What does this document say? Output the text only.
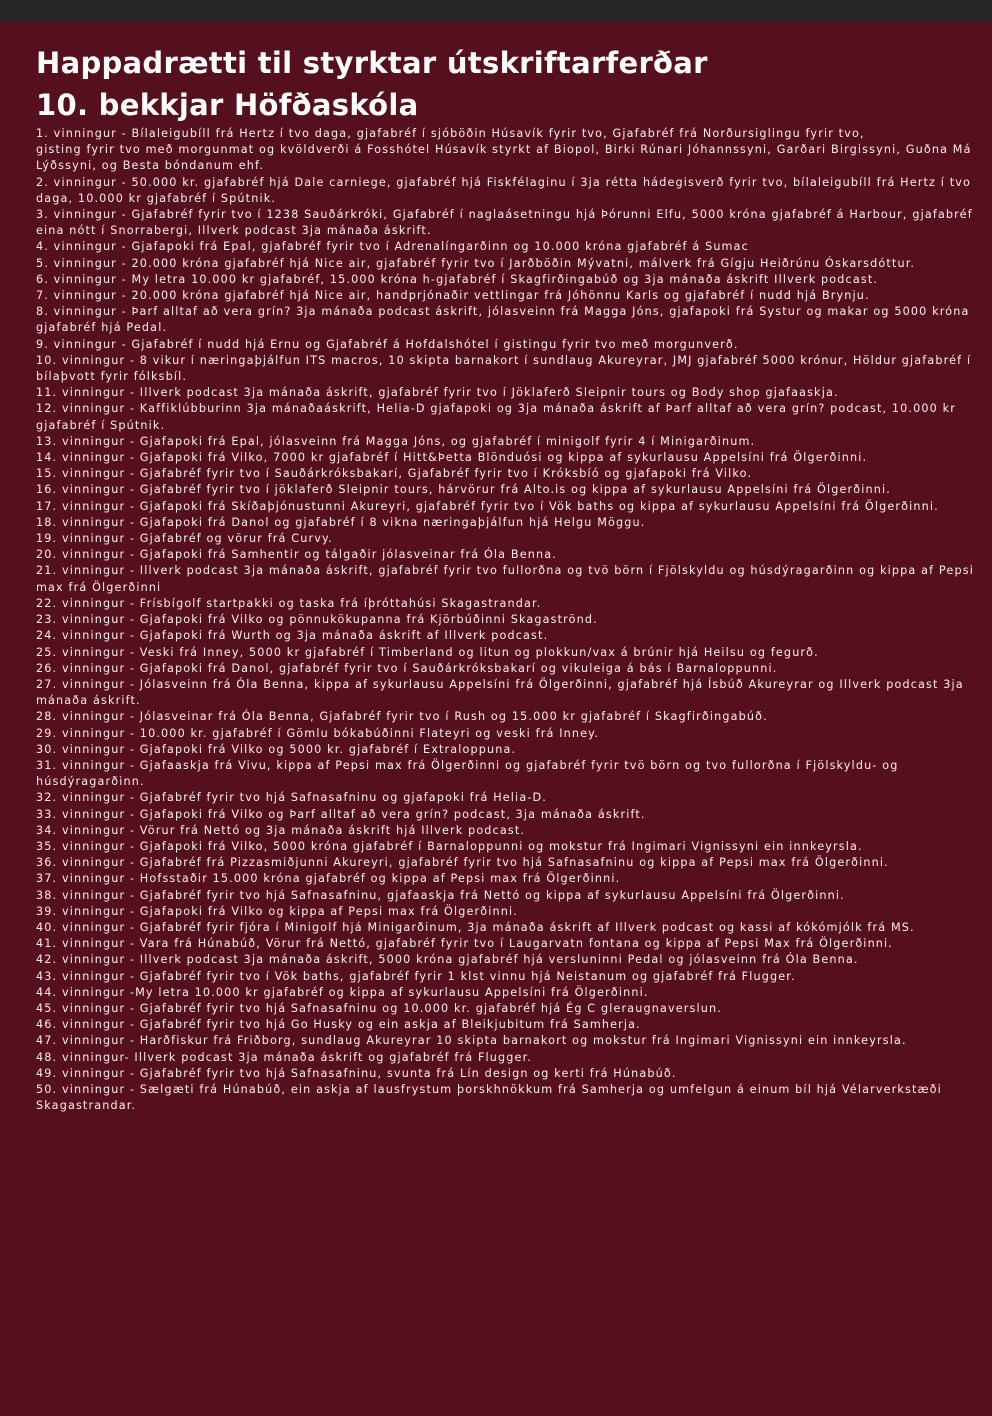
Happadrætti til styrktar útskriftarferðar
10. bekkjar Höfðaskóla
1. vinningur - Bílaleigubíll frá Hertz í tvo daga, gjafabréf í sjóböðin Húsavík fyrir tvo, Gjafabréf frá Norðursiglingu fyrir tvo,
gisting fyrir tvo með morgunmat og kvöldverði á Fosshótel Húsavík styrkt af Biopol, Birki Rúnari Jóhannssyni, Garðari Birgissyni, Guðna Má Lýðssyni, og Besta bóndanum ehf.
2. vinningur - 50.000 kr. gjafabréf hjá Dale carniege, gjafabréf hjá Fiskfélaginu í 3ja rétta hádegisverð fyrir tvo, bílaleigubíll frá Hertz í tvo daga, 10.000 kr gjafabréf í Spútnik.
3. vinningur - Gjafabréf fyrir tvo í 1238 Sauðárkróki, Gjafabréf í naglaásetningu hjá Þórunni Elfu, 5000 króna gjafabréf á Harbour, gjafabréf eina nótt í Snorrabergi, Illverk podcast 3ja mánaða áskrift.
4. vinningur - Gjafapoki frá Epal, gjafabréf fyrir tvo í Adrenalíngarðinn og 10.000 króna gjafabréf á Sumac
5. vinningur - 20.000 króna gjafabréf hjá Nice air, gjafabréf fyrir tvo í Jarðböðin Mývatni, málverk frá Gígju Heiðrúnu Óskarsdóttur.
6. vinningur - My letra 10.000 kr gjafabréf, 15.000 króna h-gjafabréf í Skagfirðingabúð og 3ja mánaða áskrift Illverk podcast.
7. vinningur - 20.000 króna gjafabréf hjá Nice air, handprjónaðir vettlingar frá Jóhönnu Karls og gjafabréf í nudd hjá Brynju.
8. vinningur - Þarf alltaf að vera grín? 3ja mánaða podcast áskrift, jólasveinn frá Magga Jóns, gjafapoki frá Systur og makar og 5000 króna gjafabréf hjá Pedal.
9. vinningur - Gjafabréf í nudd hjá Ernu og Gjafabréf á Hofdalshótel í gistingu fyrir tvo með morgunverð.
10. vinningur - 8 vikur í næringaþjálfun ITS macros, 10 skipta barnakort í sundlaug Akureyrar, JMJ gjafabréf 5000 krónur, Höldur gjafabréf í bílaþvott fyrir fólksbíl.
11. vinningur - Illverk podcast 3ja mánaða áskrift, gjafabréf fyrir tvo í Jöklaferð Sleipnir tours og Body shop gjafaaskja.
12. vinningur - Kaffiklúbburinn 3ja mánaðaáskrift, Helia-D gjafapoki og 3ja mánaða áskrift af Þarf alltaf að vera grín? podcast, 10.000 kr gjafabréf í Spútnik.
13. vinningur - Gjafapoki frá Epal, jólasveinn frá Magga Jóns, og gjafabréf í minigolf fyrir 4 í Minigarðinum.
14. vinningur - Gjafapoki frá Vilko, 7000 kr gjafabréf í Hitt&Þetta Blönduósi og kippa af sykurlausu Appelsíni frá Ölgerðinni.
15. vinningur - Gjafabréf fyrir tvo í Sauðárkróksbakarí, Gjafabréf fyrir tvo í Króksbíó og gjafapoki frá Vilko.
16. vinningur - Gjafabréf fyrir tvo í jöklaferð Sleipnir tours, hárvörur frá Alto.is og kippa af sykurlausu Appelsíni frá Ölgerðinni.
17. vinningur - Gjafapoki frá Skíðaþjónustunni Akureyri, gjafabréf fyrir tvo í Vök baths og kippa af sykurlausu Appelsíni frá Ölgerðinni.
18. vinningur - Gjafapoki frá Danol og gjafabréf í 8 vikna næringaþjálfun hjá Helgu Möggu.
19. vinningur - Gjafabréf og vörur frá Curvy.
20. vinningur - Gjafapoki frá Samhentir og tálgaðir jólasveinar frá Óla Benna.
21. vinningur - Illverk podcast 3ja mánaða áskrift, gjafabréf fyrir tvo fullorðna og tvö börn í Fjölskyldu og húsdýragarðinn og kippa af Pepsi max frá Ölgerðinni
22. vinningur - Frísbígolf startpakki og taska frá íþróttahúsi Skagastrandar.
23. vinningur - Gjafapoki frá Vilko og pönnukökupanna frá Kjörbúðinni Skagaströnd.
24. vinningur - Gjafapoki frá Wurth og 3ja mánaða áskrift af Illverk podcast.
25. vinningur - Veski frá Inney, 5000 kr gjafabréf í Timberland og litun og plokkun/vax á brúnir hjá Heilsu og fegurð.
26. vinningur - Gjafapoki frá Danol, gjafabréf fyrir tvo í Sauðárkróksbakarí og vikuleiga á bás í Barnaloppunni.
27. vinningur - Jólasveinn frá Óla Benna, kippa af sykurlausu Appelsíni frá Ölgerðinni, gjafabréf hjá Ísbúð Akureyrar og Illverk podcast 3ja mánaða áskrift.
28. vinningur - Jólasveinar frá Óla Benna, Gjafabréf fyrir tvo í Rush og 15.000 kr gjafabréf í Skagfirðingabúð.
29. vinningur - 10.000 kr. gjafabréf í Gömlu bókabúðinni Flateyri og veski frá Inney.
30. vinningur - Gjafapoki frá Vilko og 5000 kr. gjafabréf í Extraloppuna.
31. vinningur - Gjafaaskja frá Vivu, kippa af Pepsi max frá Ölgerðinni og gjafabréf fyrir tvö börn og tvo fullorðna í Fjölskyldu- og húsdýragarðinn.
32. vinningur - Gjafabréf fyrir tvo hjá Safnasafninu og gjafapoki frá Helia-D.
33. vinningur - Gjafapoki frá Vilko og Þarf alltaf að vera grín? podcast, 3ja mánaða áskrift.
34. vinningur - Vörur frá Nettó og 3ja mánaða áskrift hjá Illverk podcast.
35. vinningur - Gjafapoki frá Vilko, 5000 króna gjafabréf í Barnaloppunni og mokstur frá Ingimari Vignissyni ein innkeyrsla.
36. vinningur - Gjafabréf frá Pizzasmiðjunni Akureyri, gjafabréf fyrir tvo hjá Safnasafninu og kippa af Pepsi max frá Ölgerðinni.
37. vinningur - Hofsstaðir 15.000 króna gjafabréf og kippa af Pepsi max frá Ölgerðinni.
38. vinningur - Gjafabréf fyrir tvo hjá Safnasafninu, gjafaaskja frá Nettó og kippa af sykurlausu Appelsíni frá Ölgerðinni.
39. vinningur - Gjafapoki frá Vilko og kippa af Pepsi max frá Ölgerðinni.
40. vinningur - Gjafabréf fyrir fjóra í Minigolf hjá Minigarðinum, 3ja mánaða áskrift af Illverk podcast og kassi af kókómjólk frá MS.
41. vinningur - Vara frá Húnabúð, Vörur frá Nettó, gjafabréf fyrir tvo í Laugarvatn fontana og kippa af Pepsi Max frá Ölgerðinni.
42. vinningur - Illverk podcast 3ja mánaða áskrift, 5000 króna gjafabréf hjá versluninni Pedal og jólasveinn frá Óla Benna.
43. vinningur - Gjafabréf fyrir tvo í Vök baths, gjafabréf fyrir 1 klst vinnu hjá Neistanum og gjafabréf frá Flugger.
44. vinningur -My letra 10.000 kr gjafabréf og kippa af sykurlausu Appelsíni frá Ölgerðinni.
45. vinningur - Gjafabréf fyrir tvo hjá Safnasafninu og 10.000 kr. gjafabréf hjá Ég C gleraugnaverslun.
46. vinningur - Gjafabréf fyrir tvo hjá Go Husky og ein askja af Bleikjubitum frá Samherja.
47. vinningur - Harðfiskur frá Friðborg, sundlaug Akureyrar 10 skipta barnakort og mokstur frá Ingimari Vignissyni ein innkeyrsla.
48. vinningur- Illverk podcast 3ja mánaða áskrift og gjafabréf frá Flugger.
49. vinningur - Gjafabréf fyrir tvo hjá Safnasafninu, svunta frá Lín design og kerti frá Húnabúð.
50. vinningur - Sælgæti frá Húnabúð, ein askja af lausfrystum þorskhnökkum frá Samherja og umfelgun á einum bíl hjá Vélarverkstæði Skagastrandar.
